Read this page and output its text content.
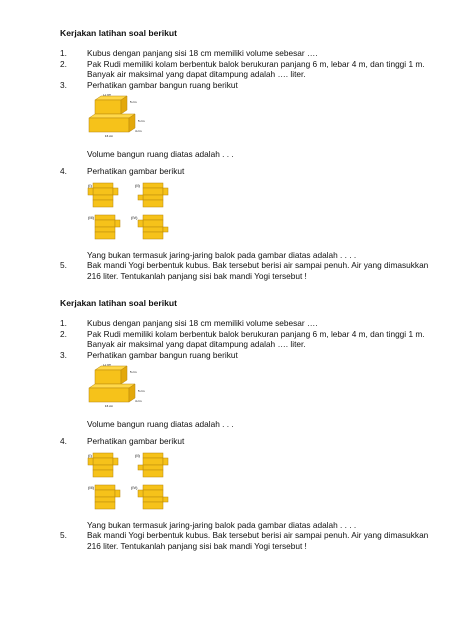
Kerjakan latihan soal berikut
1.	Kubus dengan panjang sisi 18 cm memiliki volume sebesar ….
2.	Pak Rudi memiliki kolam berbentuk balok berukuran panjang 6 m, lebar 4 m, dan tinggi 1 m. Banyak air maksimal yang dapat ditampung adalah …. liter.
3.	Perhatikan gambar bangun ruang berikut
12 cm
5 cm
5 cm
4 cm
16 cm
Volume bangun ruang diatas adalah . . .
4.	Perhatikan gambar berikut
(I)	(II)
(III)	(IV)
Yang bukan termasuk jaring-jaring balok pada gambar diatas adalah . . . .
5.	Bak mandi Yogi berbentuk kubus. Bak tersebut berisi air sampai penuh. Air yang dimasukkan 216 liter. Tentukanlah panjang sisi bak mandi Yogi tersebut !
Kerjakan latihan soal berikut
1.	Kubus dengan panjang sisi 18 cm memiliki volume sebesar ….
2.	Pak Rudi memiliki kolam berbentuk balok berukuran panjang 6 m, lebar 4 m, dan tinggi 1 m. Banyak air maksimal yang dapat ditampung adalah …. liter.
3.	Perhatikan gambar bangun ruang berikut
12 cm
5 cm
5 cm
4 cm
16 cm
Volume bangun ruang diatas adalah . . .
4.	Perhatikan gambar berikut
(I)	(II)
(III)	(IV)
Yang bukan termasuk jaring-jaring balok pada gambar diatas adalah . . . .
5.	Bak mandi Yogi berbentuk kubus. Bak tersebut berisi air sampai penuh. Air yang dimasukkan 216 liter. Tentukanlah panjang sisi bak mandi Yogi tersebut !
